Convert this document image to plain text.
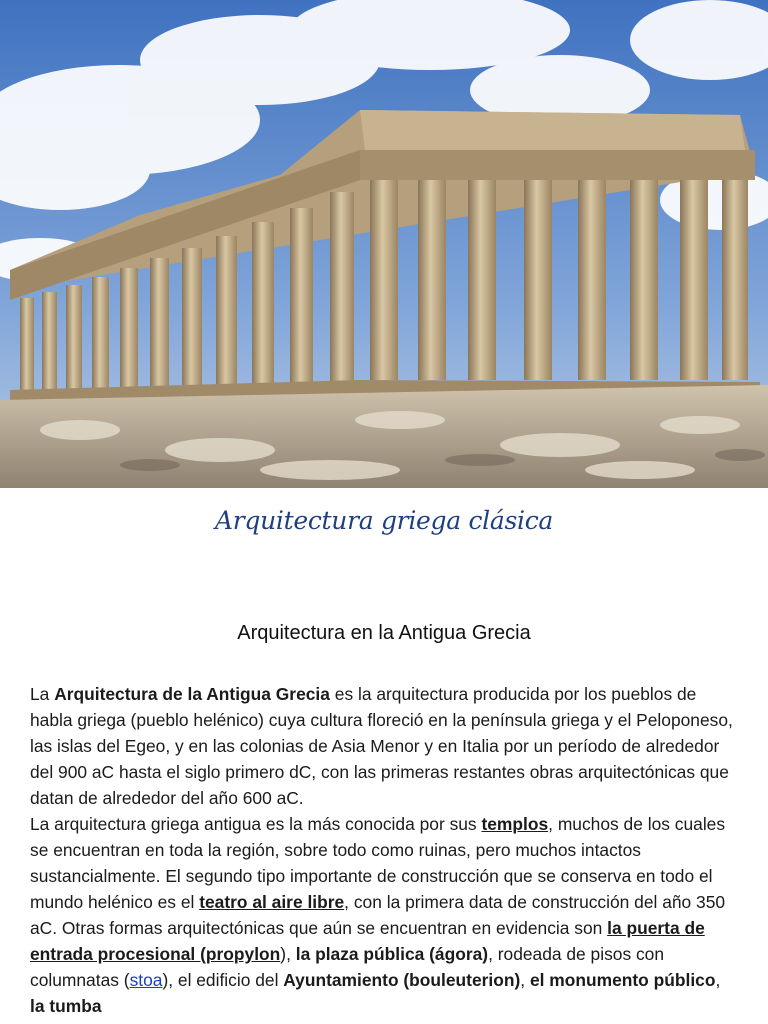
Arquitectura griega clásica
Arquitectura en la Antigua Grecia

La Arquitectura de la Antigua Grecia es la arquitectura producida por los pueblos de habla griega (pueblo helénico) cuya cultura floreció en la península griega y el Peloponeso, las islas del Egeo, y en las colonias de Asia Menor y en Italia por un período de alrededor del 900 aC hasta el siglo primero dC, con las primeras restantes obras arquitectónicas que datan de alrededor del año 600 aC.

La arquitectura griega antigua es la más conocida por sus templos, muchos de los cuales se encuentran en toda la región, sobre todo como ruinas, pero muchos intactos sustancialmente. El segundo tipo importante de construcción que se conserva en todo el mundo helénico es el teatro al aire libre, con la primera data de construcción del año 350 aC. Otras formas arquitectónicas que aún se encuentran en evidencia son la puerta de entrada procesional (propylon), la plaza pública (ágora), rodeada de pisos con columnatas (stoa), el edificio del Ayuntamiento (bouleuterion), el monumento público, la tumba
